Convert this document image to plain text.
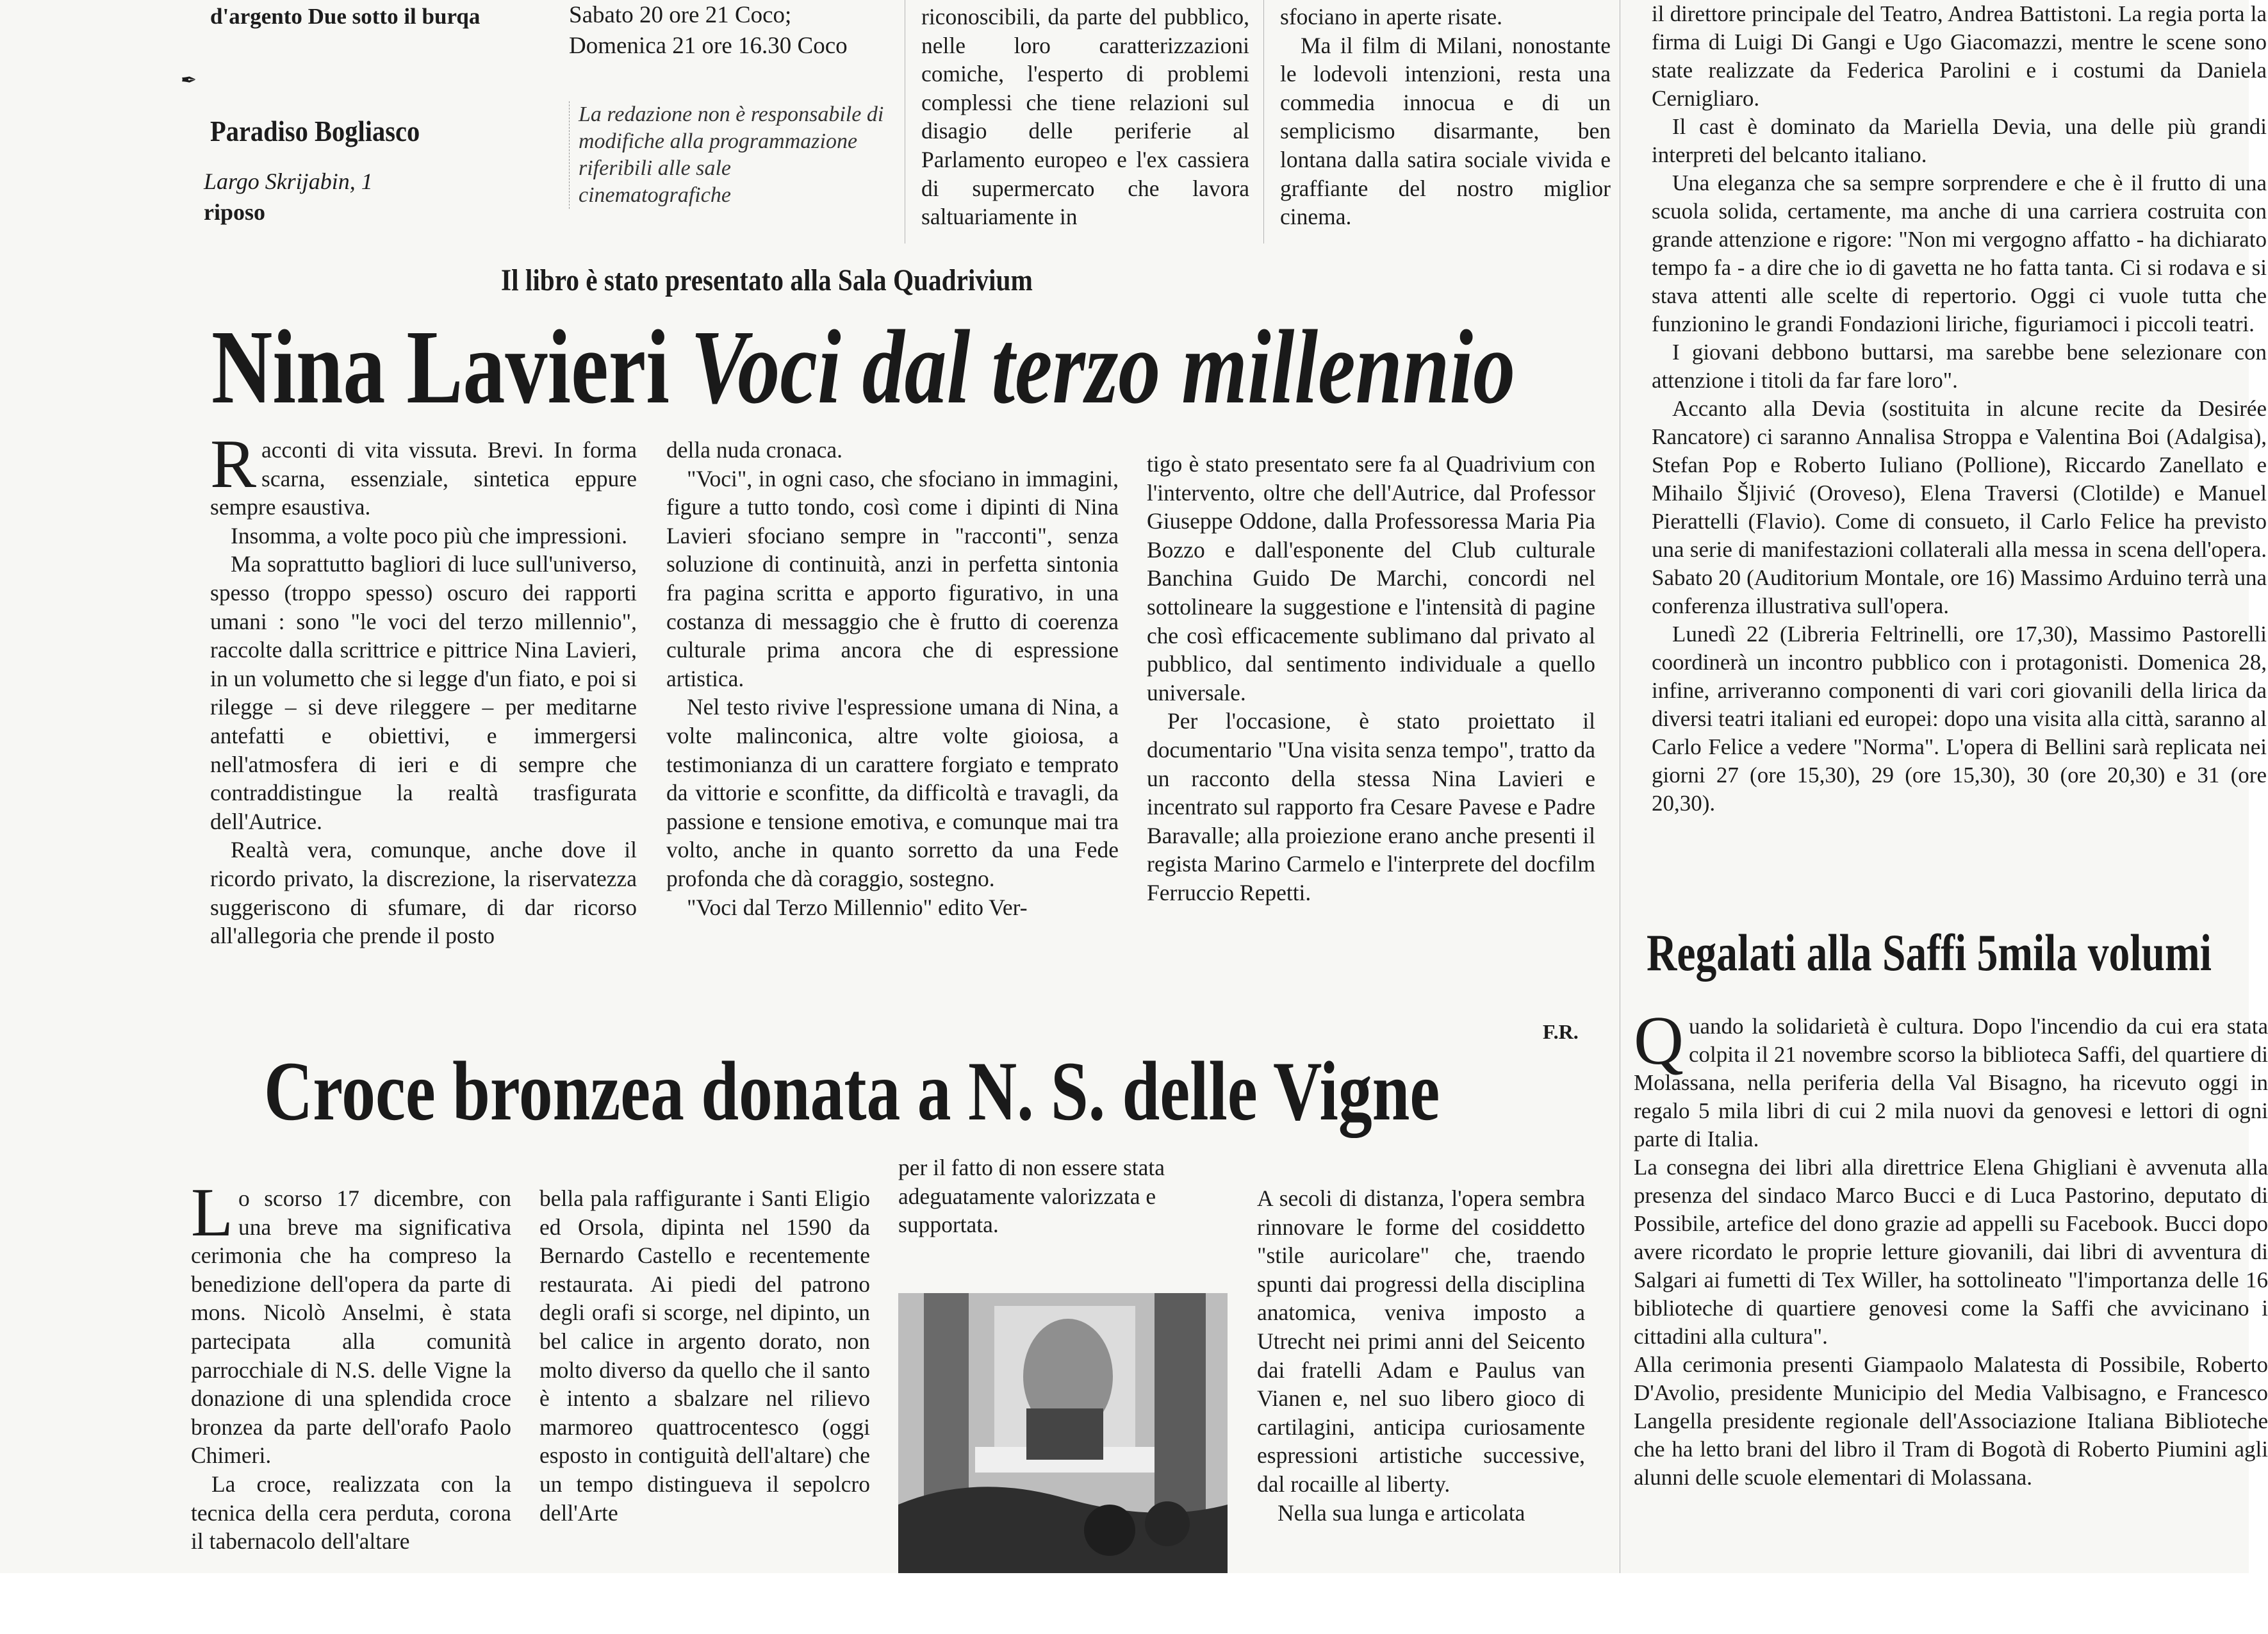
d'argento Due sotto il burqa

✒
Paradiso Bogliasco
Largo Skrijabin, 1
riposo
Sabato 20 ore 21 Coco;
Domenica 21 ore 16.30 Coco
La redazione non è responsabile di modifiche alla programmazione riferibili alle sale cinematografiche

riconoscibili, da parte del pubblico, nelle loro caratterizzazioni comiche, l'esperto di problemi complessi che tiene relazioni sul disagio delle periferie al Parlamento europeo e l'ex cassiera di supermercato che lavora saltuariamente in

sfociano in aperte risate.

Ma il film di Milani, nonostante le lodevoli intenzioni, resta una commedia innocua e di un semplicismo disarmante, ben lontana dalla satira sociale vivida e graffiante del nostro miglior cinema.

Il libro è stato presentato alla Sala Quadrivium
Nina Lavieri Voci dal terzo millennio

R acconti di vita vissuta. Brevi. In forma scarna, essenziale, sintetica eppure sempre esaustiva.

Insomma, a volte poco più che impressioni.

Ma soprattutto bagliori di luce sull'universo, spesso (troppo spesso) oscuro dei rapporti umani : sono "le voci del terzo millennio", raccolte dalla scrittrice e pittrice Nina Lavieri, in un volumetto che si legge d'un fiato, e poi si rilegge – si deve rileggere – per meditarne antefatti e obiettivi, e immergersi nell'atmosfera di ieri e di sempre che contraddistingue la realtà trasfigurata dell'Autrice.

Realtà vera, comunque, anche dove il ricordo privato, la discrezione, la riservatezza suggeriscono di sfumare, di dar ricorso all'allegoria che prende il posto

della nuda cronaca.

"Voci", in ogni caso, che sfociano in immagini, figure a tutto tondo, così come i dipinti di Nina Lavieri sfociano sempre in "racconti", senza soluzione di continuità, anzi in perfetta sintonia fra pagina scritta e apporto figurativo, in una costanza di messaggio che è frutto di coerenza culturale prima ancora che di espressione artistica.

Nel testo rivive l'espressione umana di Nina, a volte malinconica, altre volte gioiosa, a testimonianza di un carattere forgiato e temprato da vittorie e sconfitte, da difficoltà e travagli, da passione e tensione emotiva, e comunque mai tra volto, anche in quanto sorretto da una Fede profonda che dà coraggio, sostegno.

"Voci dal Terzo Millennio" edito Ver-

tigo è stato presentato sere fa al Quadrivium con l'intervento, oltre che dell'Autrice, dal Professor Giuseppe Oddone, dalla Professoressa Maria Pia Bozzo e dall'esponente del Club culturale Banchina Guido De Marchi, concordi nel sottolineare la suggestione e l'intensità di pagine che così efficacemente sublimano dal privato al pubblico, dal sentimento individuale a quello universale.

Per l'occasione, è stato proiettato il documentario "Una visita senza tempo", tratto da un racconto della stessa Nina Lavieri e incentrato sul rapporto fra Cesare Pavese e Padre Baravalle; alla proiezione erano anche presenti il regista Marino Carmelo e l'interprete del docfilm Ferruccio Repetti.

F.R.
Croce bronzea donata a N. S. delle Vigne

L o scorso 17 dicembre, con una breve ma significativa cerimonia che ha compreso la benedizione dell'opera da parte di mons. Nicolò Anselmi, è stata partecipata alla comunità parrocchiale di N.S. delle Vigne la donazione di una splendida croce bronzea da parte dell'orafo Paolo Chimeri.

La croce, realizzata con la tecnica della cera perduta, corona il tabernacolo dell'altare

bella pala raffigurante i Santi Eligio ed Orsola, dipinta nel 1590 da Bernardo Castello e recentemente restaurata. Ai piedi del patrono degli orafi si scorge, nel dipinto, un bel calice in argento dorato, non molto diverso da quello che il santo è intento a sbalzare nel rilievo marmoreo quattrocentesco (oggi esposto in contiguità dell'altare) che un tempo distingueva il sepolcro dell'Arte

per il fatto di non essere stata adeguatamente valorizzata e supportata.

A secoli di distanza, l'opera sembra rinnovare le forme del cosiddetto "stile auricolare" che, traendo spunti dai progressi della disciplina anatomica, veniva imposto a Utrecht nei primi anni del Seicento dai fratelli Adam e Paulus van Vianen e, nel suo libero gioco di cartilagini, anticipa curiosamente espressioni artistiche successive, dal rocaille al liberty.

Nella sua lunga e articolata

il direttore principale del Teatro, Andrea Battistoni. La regia porta la firma di Luigi Di Gangi e Ugo Giacomazzi, mentre le scene sono state realizzate da Federica Parolini e i costumi da Daniela Cernigliaro.

Il cast è dominato da Mariella Devia, una delle più grandi interpreti del belcanto italiano.

Una eleganza che sa sempre sorprendere e che è il frutto di una scuola solida, certamente, ma anche di una carriera costruita con grande attenzione e rigore: "Non mi vergogno affatto - ha dichiarato tempo fa - a dire che io di gavetta ne ho fatta tanta. Ci si rodava e si stava attenti alle scelte di repertorio. Oggi ci vuole tutta che funzionino le grandi Fondazioni liriche, figuriamoci i piccoli teatri.

I giovani debbono buttarsi, ma sarebbe bene selezionare con attenzione i titoli da far fare loro".

Accanto alla Devia (sostituita in alcune recite da Desirée Rancatore) ci saranno Annalisa Stroppa e Valentina Boi (Adalgisa), Stefan Pop e Roberto Iuliano (Pollione), Riccardo Zanellato e Mihailo Šljivić (Oroveso), Elena Traversi (Clotilde) e Manuel Pierattelli (Flavio). Come di consueto, il Carlo Felice ha previsto una serie di manifestazioni collaterali alla messa in scena dell'opera. Sabato 20 (Auditorium Montale, ore 16) Massimo Arduino terrà una conferenza illustrativa sull'opera.

Lunedì 22 (Libreria Feltrinelli, ore 17,30), Massimo Pastorelli coordinerà un incontro pubblico con i protagonisti. Domenica 28, infine, arriveranno componenti di vari cori giovanili della lirica da diversi teatri italiani ed europei: dopo una visita alla città, saranno al Carlo Felice a vedere "Norma". L'opera di Bellini sarà replicata nei giorni 27 (ore 15,30), 29 (ore 15,30), 30 (ore 20,30) e 31 (ore 20,30).

Regalati alla Saffi 5mila volumi

Q uando la solidarietà è cultura. Dopo l'incendio da cui era stata colpita il 21 novembre scorso la biblioteca Saffi, del quartiere di Molassana, nella periferia della Val Bisagno, ha ricevuto oggi in regalo 5 mila libri di cui 2 mila nuovi da genovesi e lettori di ogni parte di Italia.

La consegna dei libri alla direttrice Elena Ghigliani è avvenuta alla presenza del sindaco Marco Bucci e di Luca Pastorino, deputato di Possibile, artefice del dono grazie ad appelli su Facebook. Bucci dopo avere ricordato le proprie letture giovanili, dai libri di avventura di Salgari ai fumetti di Tex Willer, ha sottolineato "l'importanza delle 16 biblioteche di quartiere genovesi come la Saffi che avvicinano i cittadini alla cultura".

Alla cerimonia presenti Giampaolo Malatesta di Possibile, Roberto D'Avolio, presidente Municipio del Media Valbisagno, e Francesco Langella presidente regionale dell'Associazione Italiana Biblioteche che ha letto brani del libro il Tram di Bogotà di Roberto Piumini agli alunni delle scuole elementari di Molassana.
